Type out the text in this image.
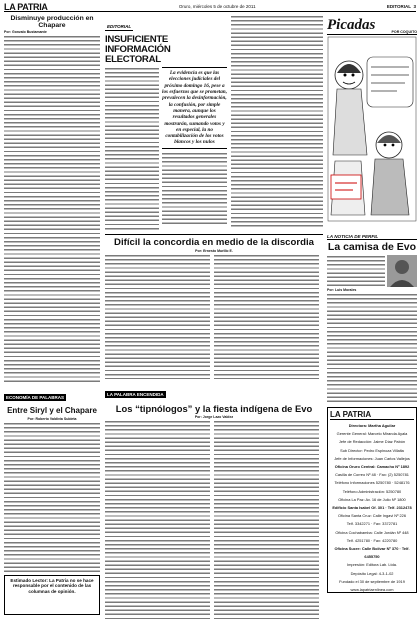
LA PATRIA	Oruro, miércoles 5 de octubre de 2011	EDITORIAL 3
Disminuye producción en Chapare
Por: Gonzalo Bustamante
ECONOMÍA DE PALABRAS
Entre Siryl y el Chapare
Por: Roberto Valdivia Subieta
Estimado Lector: La Patria no se hace responsable por el contenido de las columnas de opinión.
EDITORIAL
INSUFICIENTE INFORMACIÓN ELECTORAL
La evidencia es que las elecciones judiciales del próximo domingo 16, pese a los esfuerzos que se prometan, prevalecen la desinformación, la confusión, por simple manera, aunque los resultados generales mostrarán, sumando votos y en especial, la no contabilización de los votos blancos y los nulos
Picadas	POR COQUITO
Difícil la concordia en medio de la discordia
Por: Ernesto Murillo E.
LA PALABRA ENCENDIDA
Los “tipnólogos” y la fiesta indígena de Evo
Por: Jorge Lazo Valdez
LA NOTICIA DE PERFIL
La camisa de Evo
Por: Luis Morales
LA PATRIA
Directora: Martha Aguilar
Gerente General: Marcelo Miranda Ayala
Jefe de Redacción: Jaime Díaz Pabón
Sub Director: Pedro Espinoza Villalta
Jefe de Informaciones: Juan Carlos Vallejos
Oficina Oruro Central: Camacho Nº 1892
Casilla de Correo Nº 48 · Fax: (2) 5250781
Teléfono Informaciones 5250780 · 5248176
Teléfono Administración: 5250780
Oficina La Paz: Av. 16 de Julio Nº 1800
Edificio Santa Isabel Of. 301 · Telf. 2312478
Oficina Santa Cruz: Calle Ingavi Nº 226
Telf. 3342271 · Fax: 3372781
Oficina Cochabamba: Calle Jordán Nº 448
Telf. 4251780 · Fax: 4220780
Oficina Sucre: Calle Bolívar Nº 370 · Telf. 6455750
Impresión: Editora Lab. Ltda.
Depósito Legal: 4-3-1-02
Fundado el 30 de septiembre de 1919
www.lapatriaenlinea.com
